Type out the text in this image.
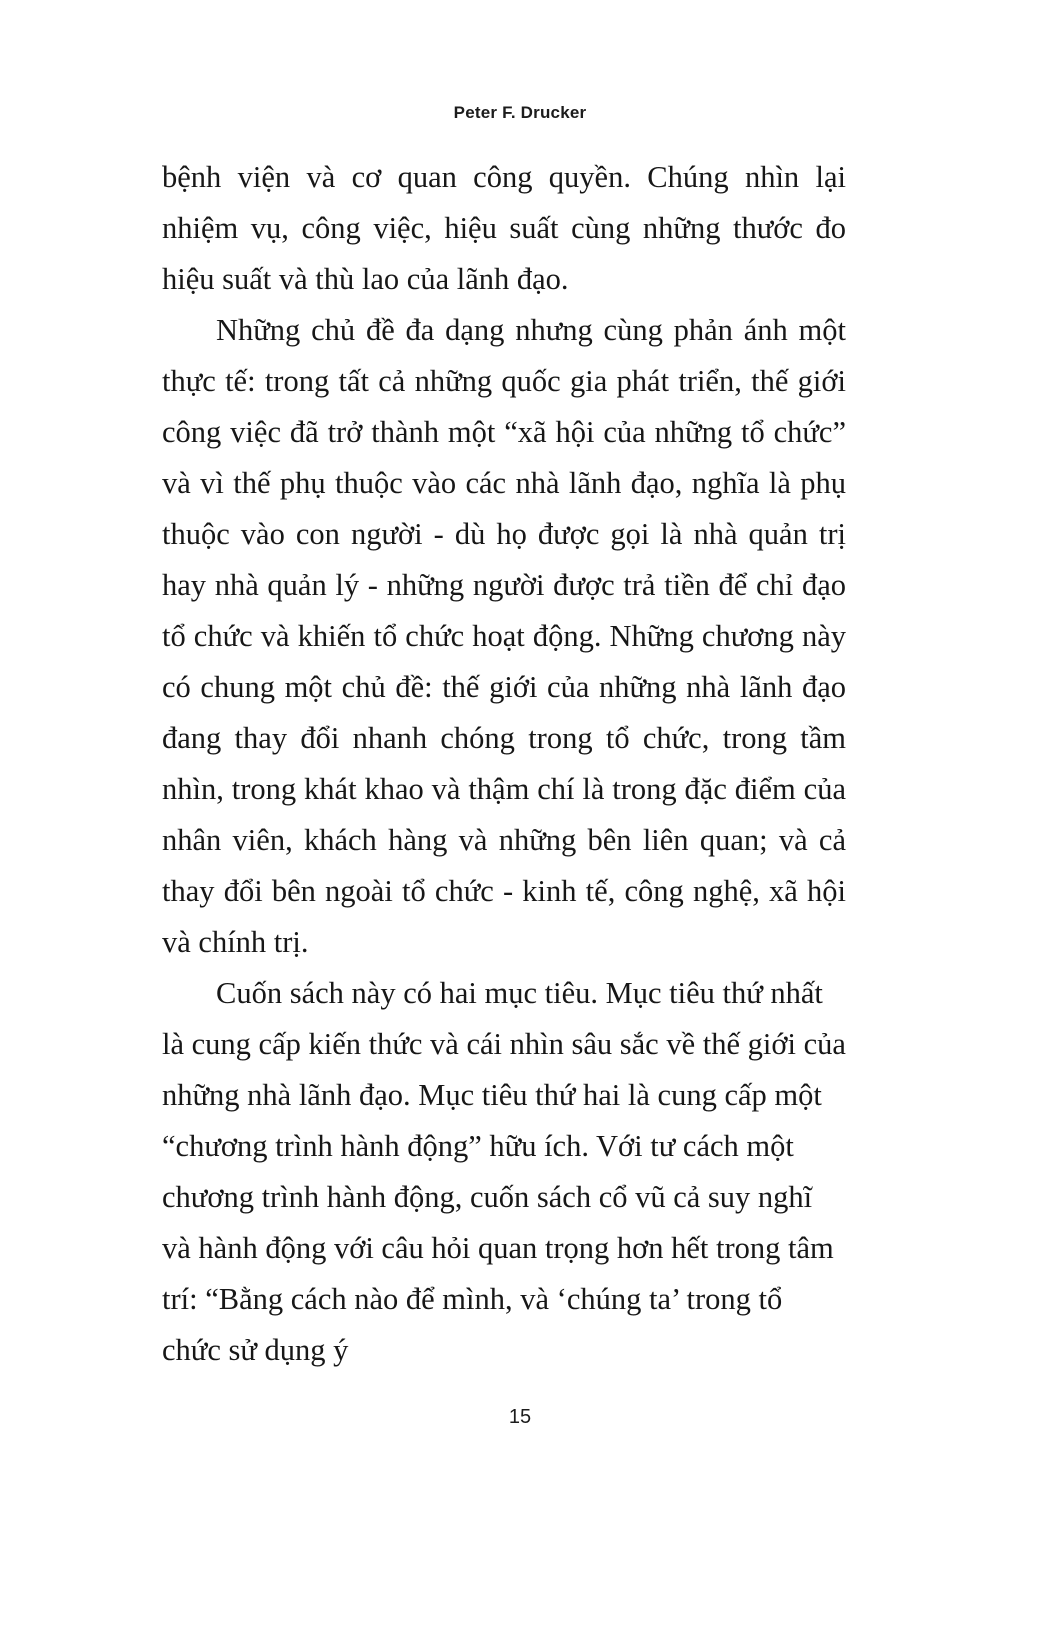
Peter F. Drucker

bệnh viện và cơ quan công quyền. Chúng nhìn lại nhiệm vụ, công việc, hiệu suất cùng những thước đo hiệu suất và thù lao của lãnh đạo.

Những chủ đề đa dạng nhưng cùng phản ánh một thực tế: trong tất cả những quốc gia phát triển, thế giới công việc đã trở thành một “xã hội của những tổ chức” và vì thế phụ thuộc vào các nhà lãnh đạo, nghĩa là phụ thuộc vào con người - dù họ được gọi là nhà quản trị hay nhà quản lý - những người được trả tiền để chỉ đạo tổ chức và khiến tổ chức hoạt động. Những chương này có chung một chủ đề: thế giới của những nhà lãnh đạo đang thay đổi nhanh chóng trong tổ chức, trong tầm nhìn, trong khát khao và thậm chí là trong đặc điểm của nhân viên, khách hàng và những bên liên quan; và cả thay đổi bên ngoài tổ chức - kinh tế, công nghệ, xã hội và chính trị.

Cuốn sách này có hai mục tiêu. Mục tiêu thứ nhất là cung cấp kiến thức và cái nhìn sâu sắc về thế giới của những nhà lãnh đạo. Mục tiêu thứ hai là cung cấp một “chương trình hành động” hữu ích. Với tư cách một chương trình hành động, cuốn sách cổ vũ cả suy nghĩ và hành động với câu hỏi quan trọng hơn hết trong tâm trí: “Bằng cách nào để mình, và ‘chúng ta’ trong tổ chức sử dụng ý

15
